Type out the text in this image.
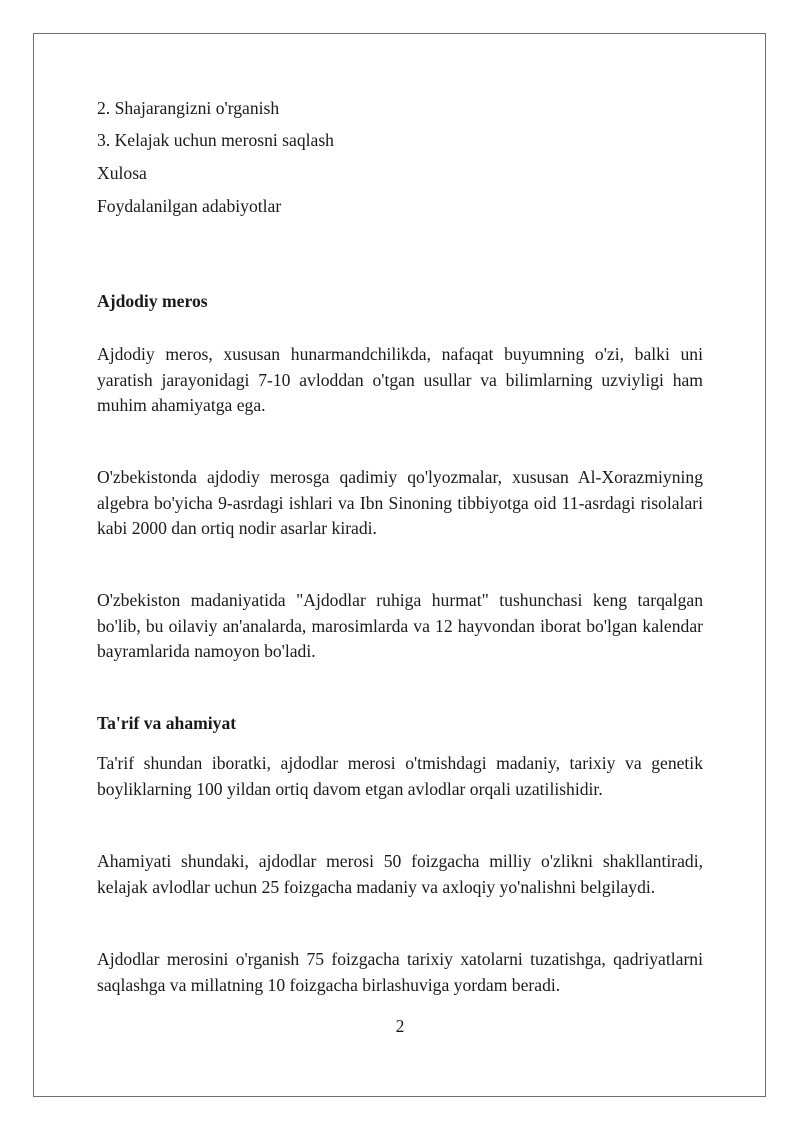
2. Shajarangizni o'rganish
3. Kelajak uchun merosni saqlash
Xulosa
Foydalanilgan adabiyotlar
Ajdodiy meros
Ajdodiy meros, xususan hunarmandchilikda, nafaqat buyumning o'zi, balki uni yaratish jarayonidagi 7-10 avloddan o'tgan usullar va bilimlarning uzviyligi ham muhim ahamiyatga ega.
O'zbekistonda ajdodiy merosga qadimiy qo'lyozmalar, xususan Al-Xorazmiyning algebra bo'yicha 9-asrdagi ishlari va Ibn Sinoning tibbiyotga oid 11-asrdagi risolalari kabi 2000 dan ortiq nodir asarlar kiradi.
O'zbekiston madaniyatida "Ajdodlar ruhiga hurmat" tushunchasi keng tarqalgan bo'lib, bu oilaviy an'analarda, marosimlarda va 12 hayvondan iborat bo'lgan kalendar bayramlarida namoyon bo'ladi.
Ta'rif va ahamiyat
Ta'rif shundan iboratki, ajdodlar merosi o'tmishdagi madaniy, tarixiy va genetik boyliklarning 100 yildan ortiq davom etgan avlodlar orqali uzatilishidir.
Ahamiyati shundaki, ajdodlar merosi 50 foizgacha milliy o'zlikni shakllantiradi, kelajak avlodlar uchun 25 foizgacha madaniy va axloqiy yo'nalishni belgilaydi.
Ajdodlar merosini o'rganish 75 foizgacha tarixiy xatolarni tuzatishga, qadriyatlarni saqlashga va millatning 10 foizgacha birlashuviga yordam beradi.
2
